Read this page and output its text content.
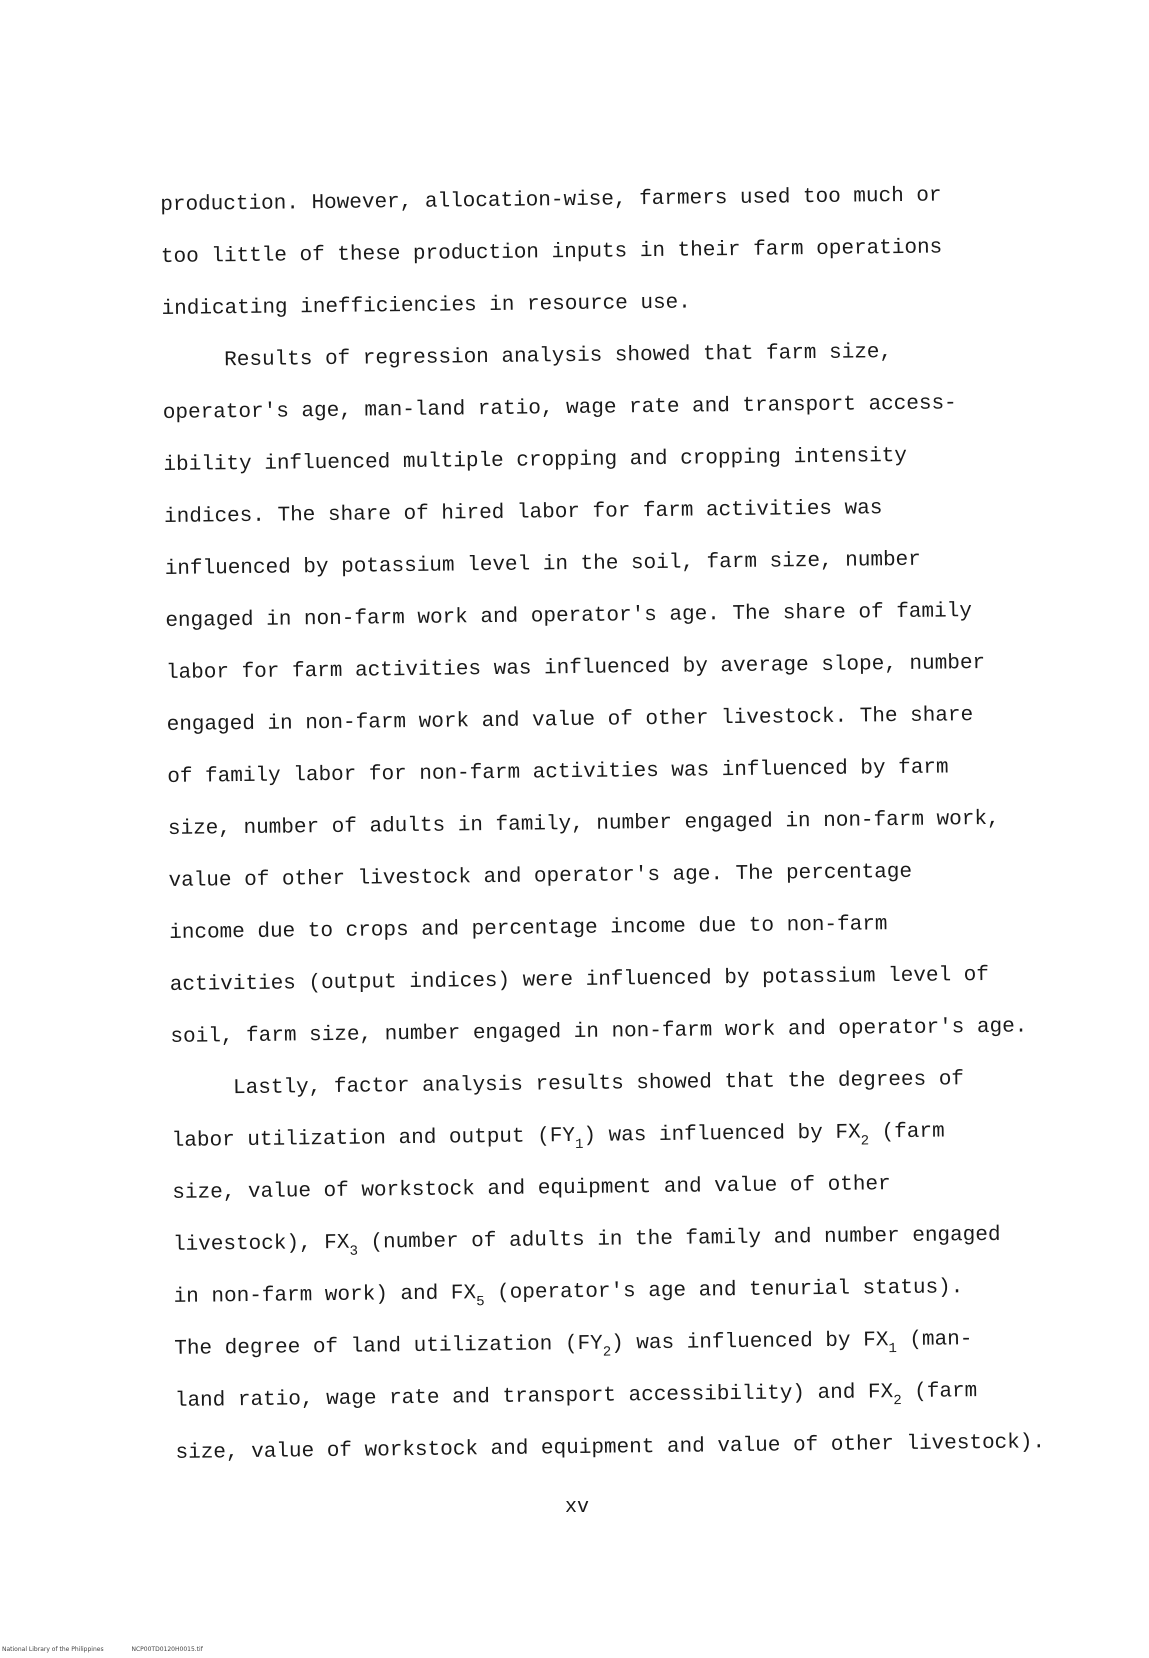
production. However, allocation-wise, farmers used too much or
too little of these production inputs in their farm operations
indicating inefficiencies in resource use.
Results of regression analysis showed that farm size,
operator's age, man-land ratio, wage rate and transport access-
ibility influenced multiple cropping and cropping intensity
indices. The share of hired labor for farm activities was
influenced by potassium level in the soil, farm size, number
engaged in non-farm work and operator's age. The share of family
labor for farm activities was influenced by average slope, number
engaged in non-farm work and value of other livestock. The share
of family labor for non-farm activities was influenced by farm
size, number of adults in family, number engaged in non-farm work,
value of other livestock and operator's age. The percentage
income due to crops and percentage income due to non-farm
activities (output indices) were influenced by potassium level of
soil, farm size, number engaged in non-farm work and operator's age.
Lastly, factor analysis results showed that the degrees of
labor utilization and output $(FY_1)$ was influenced by $FX_2$ (farm
size, value of workstock and equipment and value of other
livestock), $FX_3$ (number of adults in the family and number engaged
in non-farm work) and $FX_5$ (operator's age and tenurial status).
The degree of land utilization $(FY_2)$ was influenced by $FX_1$ (man-
land ratio, wage rate and transport accessibility) and $FX_2$ (farm
size, value of workstock and equipment and value of other livestock).
xv
National Library of the Philippines	NCP00TD0120H0015.tif
